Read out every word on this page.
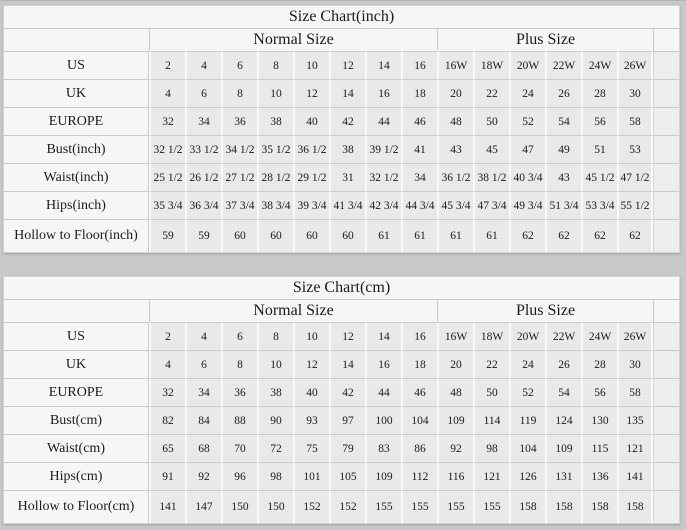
Size Chart(inch)															
	Normal Size								Plus Size						
US	2	4	6	8	10	12	14	16	16W	18W	20W	22W	24W	26W	
UK	4	6	8	10	12	14	16	18	20	22	24	26	28	30	
EUROPE	32	34	36	38	40	42	44	46	48	50	52	54	56	58	
Bust(inch)	32 1/2	33 1/2	34 1/2	35 1/2	36 1/2	38	39 1/2	41	43	45	47	49	51	53	
Waist(inch)	25 1/2	26 1/2	27 1/2	28 1/2	29 1/2	31	32 1/2	34	36 1/2	38 1/2	40 3/4	43	45 1/2	47 1/2	
Hips(inch)	35 3/4	36 3/4	37 3/4	38 3/4	39 3/4	41 3/4	42 3/4	44 3/4	45 3/4	47 3/4	49 3/4	51 3/4	53 3/4	55 1/2	
Hollow to Floor(inch)	59	59	60	60	60	60	61	61	61	61	62	62	62	62	
Size Chart(cm)															
	Normal Size								Plus Size						
US	2	4	6	8	10	12	14	16	16W	18W	20W	22W	24W	26W	
UK	4	6	8	10	12	14	16	18	20	22	24	26	28	30	
EUROPE	32	34	36	38	40	42	44	46	48	50	52	54	56	58	
Bust(cm)	82	84	88	90	93	97	100	104	109	114	119	124	130	135	
Waist(cm)	65	68	70	72	75	79	83	86	92	98	104	109	115	121	
Hips(cm)	91	92	96	98	101	105	109	112	116	121	126	131	136	141	
Hollow to Floor(cm)	141	147	150	150	152	152	155	155	155	155	158	158	158	158	
